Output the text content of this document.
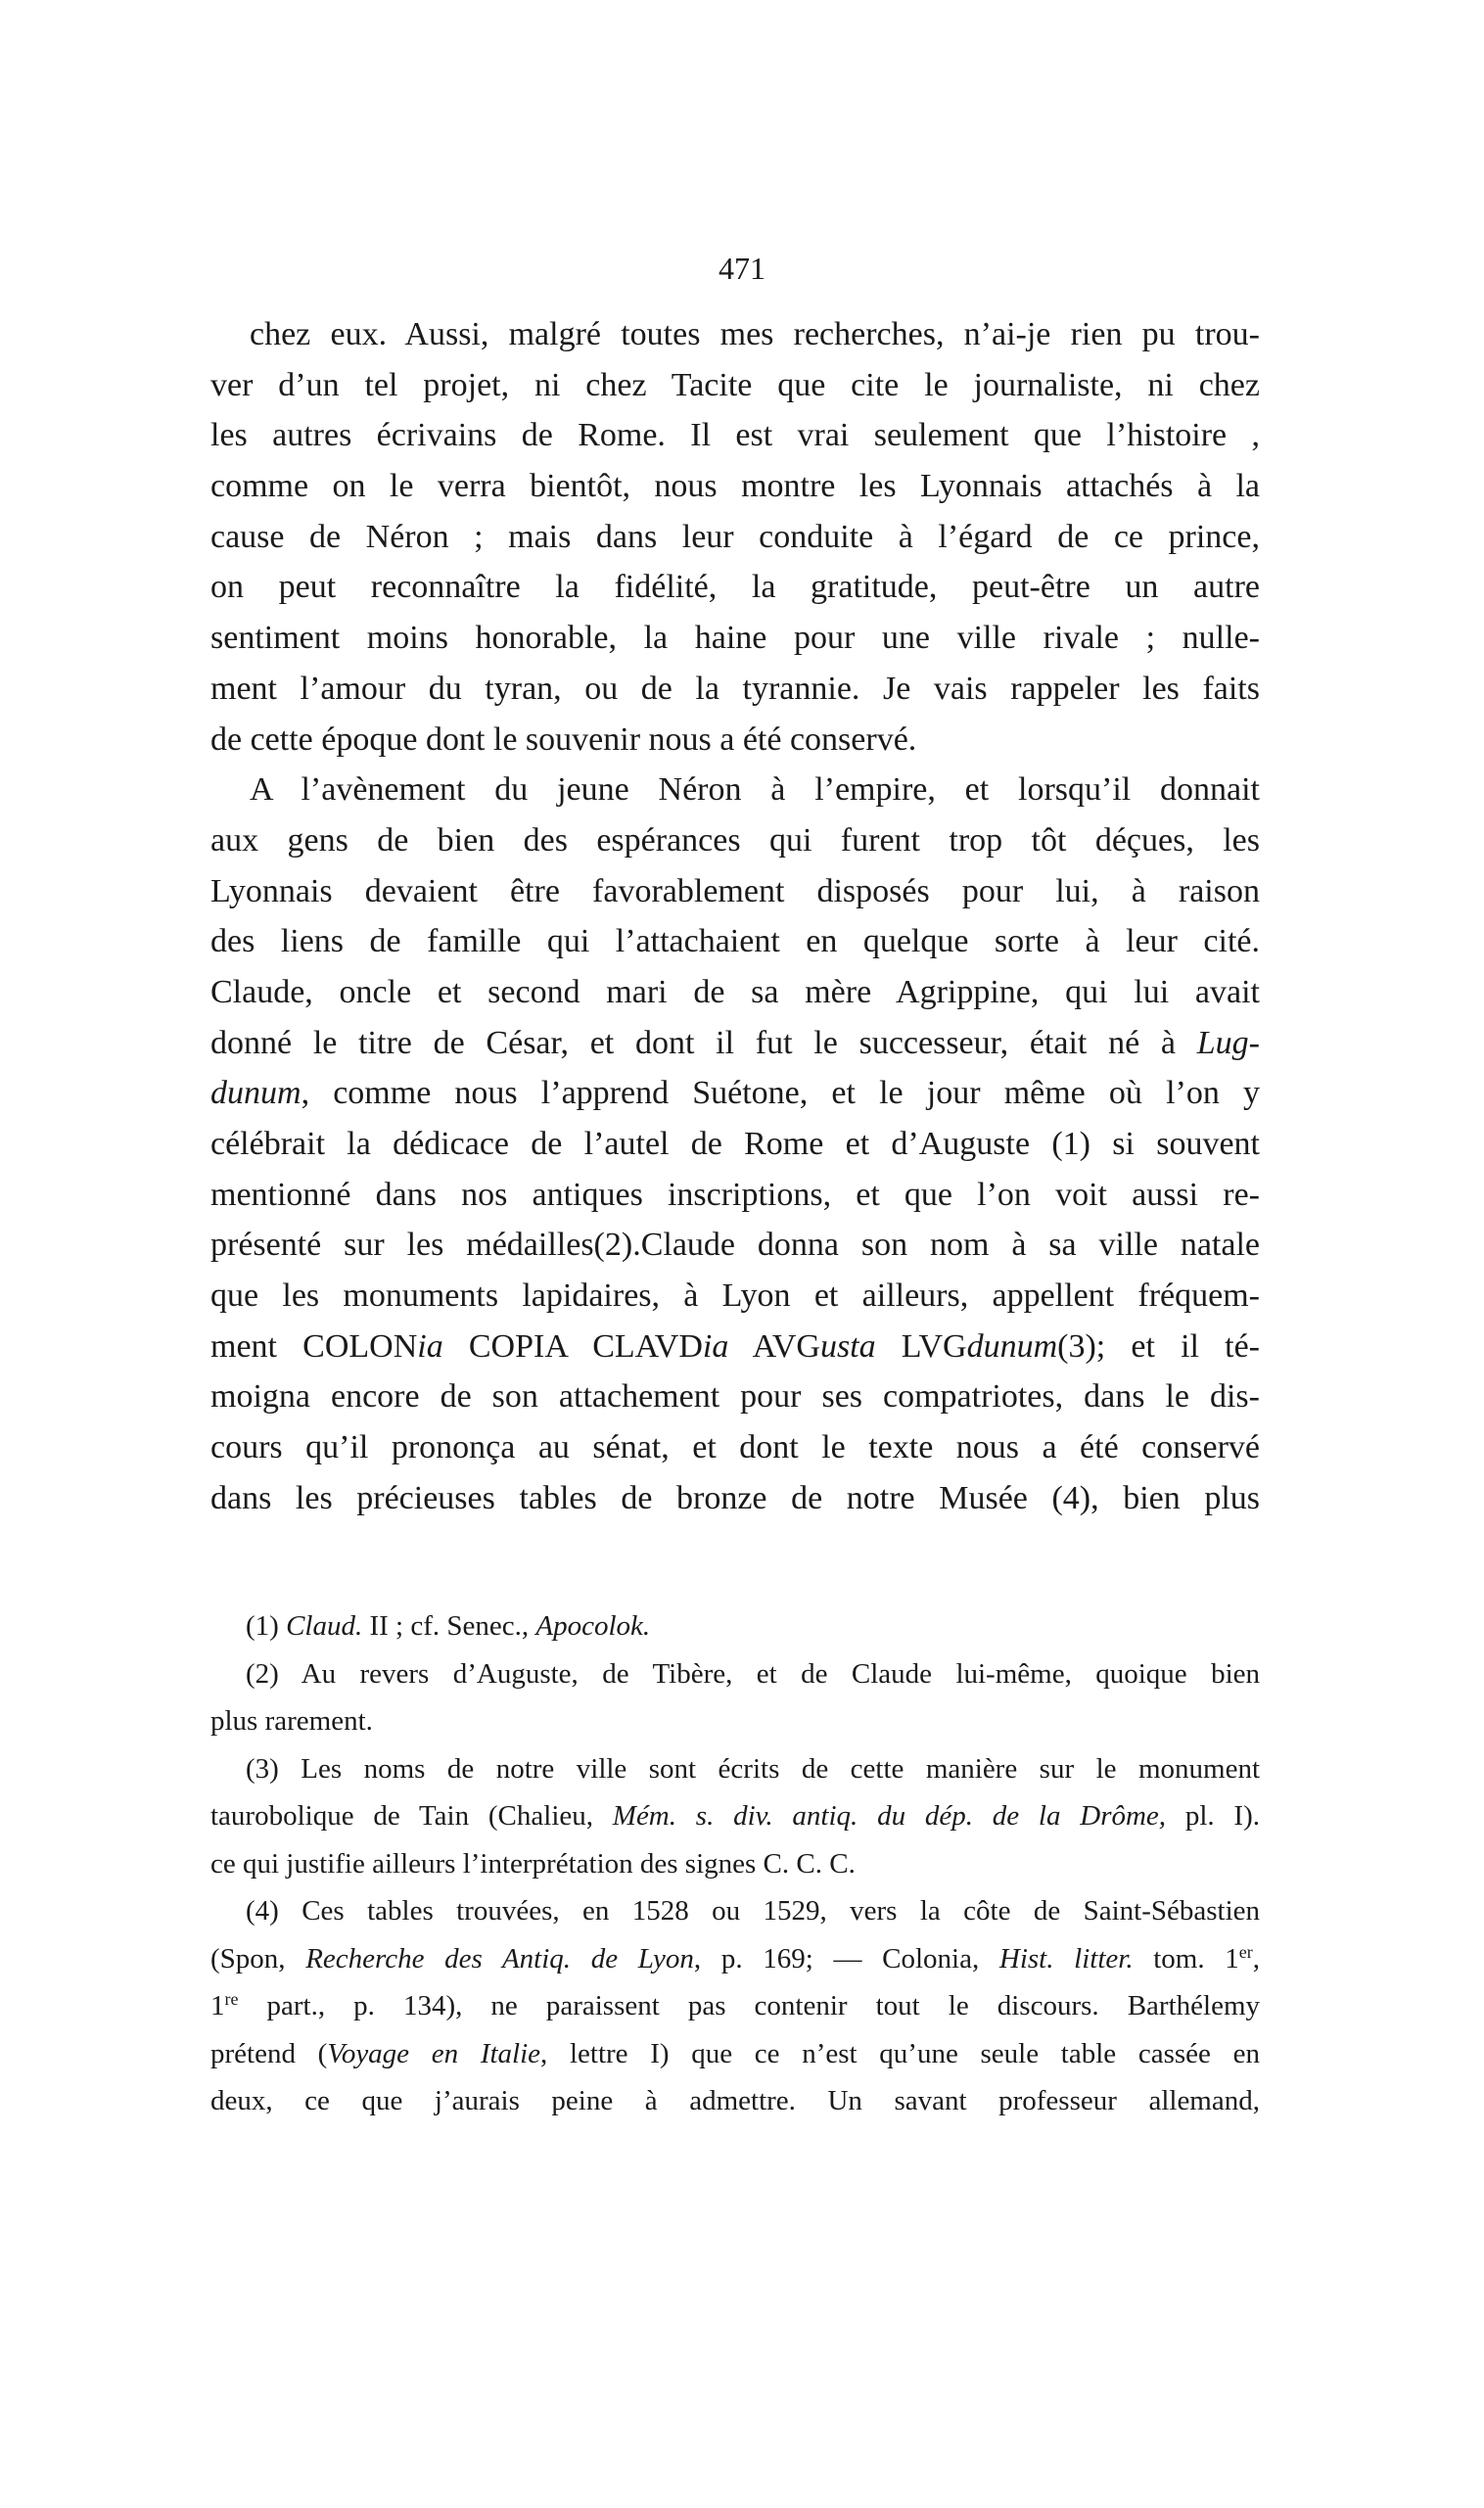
471
chez eux. Aussi, malgré toutes mes recherches, n’ai-je rien pu trou-
ver d’un tel projet, ni chez Tacite que cite le journaliste, ni chez
les autres écrivains de Rome. Il est vrai seulement que l’histoire ,
comme on le verra bientôt, nous montre les Lyonnais attachés à la
cause de Néron ; mais dans leur conduite à l’égard de ce prince,
on peut reconnaître la fidélité, la gratitude, peut-être un autre
sentiment moins honorable, la haine pour une ville rivale ; nulle-
ment l’amour du tyran, ou de la tyrannie. Je vais rappeler les faits
de cette époque dont le souvenir nous a été conservé.
A l’avènement du jeune Néron à l’empire, et lorsqu’il donnait
aux gens de bien des espérances qui furent trop tôt déçues, les
Lyonnais devaient être favorablement disposés pour lui, à raison
des liens de famille qui l’attachaient en quelque sorte à leur cité.
Claude, oncle et second mari de sa mère Agrippine, qui lui avait
donné le titre de César, et dont il fut le successeur, était né à Lug-
dunum, comme nous l’apprend Suétone, et le jour même où l’on y
célébrait la dédicace de l’autel de Rome et d’Auguste (1) si souvent
mentionné dans nos antiques inscriptions, et que l’on voit aussi re-
présenté sur les médailles(2).Claude donna son nom à sa ville natale
que les monuments lapidaires, à Lyon et ailleurs, appellent fréquem-
ment COLONia COPIA CLAVDia AVGusta LVGdunum(3); et il té-
moigna encore de son attachement pour ses compatriotes, dans le dis-
cours qu’il prononça au sénat, et dont le texte nous a été conservé
dans les précieuses tables de bronze de notre Musée (4), bien plus
(1) Claud. II ; cf. Senec., Apocolok.
(2) Au revers d’Auguste, de Tibère, et de Claude lui-même, quoique bien
plus rarement.
(3) Les noms de notre ville sont écrits de cette manière sur le monument
taurobolique de Tain (Chalieu, Mém. s. div. antiq. du dép. de la Drôme, pl. I).
ce qui justifie ailleurs l’interprétation des signes C. C. C.
(4) Ces tables trouvées, en 1528 ou 1529, vers la côte de Saint-Sébastien
(Spon, Recherche des Antiq. de Lyon, p. 169; — Colonia, Hist. litter. tom. 1er,
1re part., p. 134), ne paraissent pas contenir tout le discours. Barthélemy
prétend (Voyage en Italie, lettre I) que ce n’est qu’une seule table cassée en
deux, ce que j’aurais peine à admettre. Un savant professeur allemand,
